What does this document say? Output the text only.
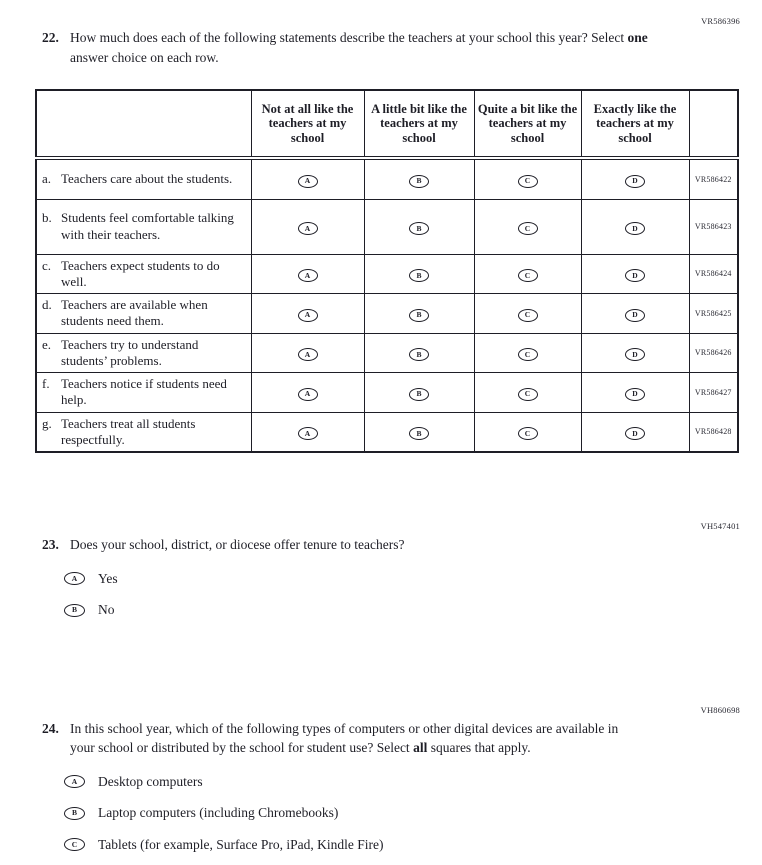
VR586396
22. How much does each of the following statements describe the teachers at your school this year? Select one answer choice on each row.
	Not at all like the teachers at my school	A little bit like the teachers at my school	Quite a bit like the teachers at my school	Exactly like the teachers at my school	

a. Teachers care about the students.	A	B	C	D	VR586422

b. Students feel comfortable talking with their teachers.	A	B	C	D	VR586423

c. Teachers expect students to do well.	A	B	C	D	VR586424

d. Teachers are available when students need them.	A	B	C	D	VR586425

e. Teachers try to understand students’ problems.	A	B	C	D	VR586426

f. Teachers notice if students need help.	A	B	C	D	VR586427

g. Teachers treat all students respectfully.	A	B	C	D	VR586428
VH547401
23. Does your school, district, or diocese offer tenure to teachers?
A	Yes
B	No
VH860698
24. In this school year, which of the following types of computers or other digital devices are available in your school or distributed by the school for student use? Select all squares that apply.
A	Desktop computers
B	Laptop computers (including Chromebooks)
C	Tablets (for example, Surface Pro, iPad, Kindle Fire)
